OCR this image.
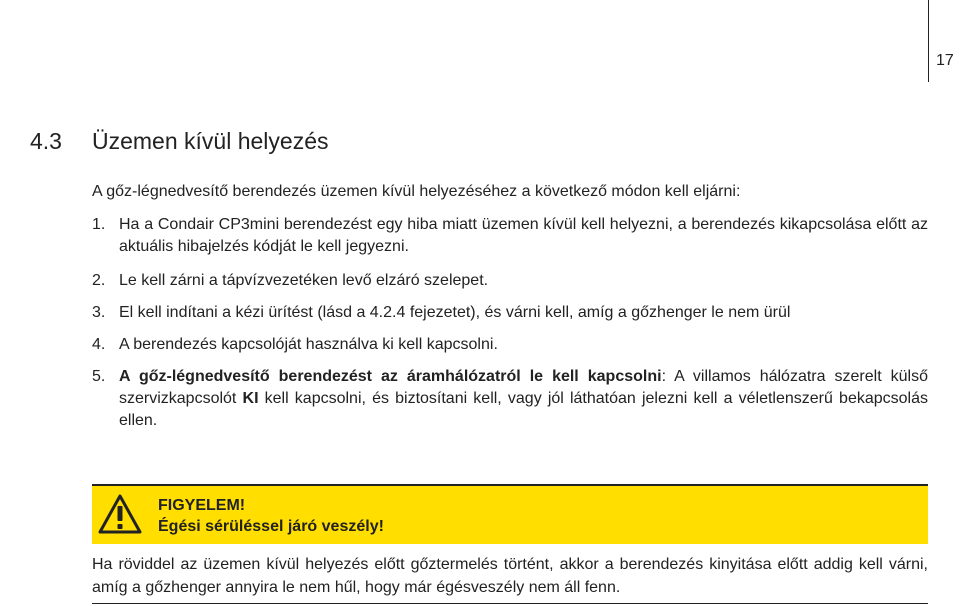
17
4.3 Üzemen kívül helyezés

A gőz-légnedvesítő berendezés üzemen kívül helyezéséhez a következő módon kell eljárni:

1. Ha a Condair CP3mini berendezést egy hiba miatt üzemen kívül kell helyezni, a berendezés kikapcsolása előtt az aktuális hibajelzés kódját le kell jegyezni.
2. Le kell zárni a tápvízvezetéken levő elzáró szelepet.
3. El kell indítani a kézi ürítést (lásd a 4.2.4 fejezetet), és várni kell, amíg a gőzhenger le nem ürül
4. A berendezés kapcsolóját használva ki kell kapcsolni.
5. A gőz-légnedvesítő berendezést az áramhálózatról le kell kapcsolni: A villamos hálózatra szerelt külső szervizkapcsolót KI kell kapcsolni, és biztosítani kell, vagy jól láthatóan jelezni kell a véletlenszerű bekapcsolás ellen.
FIGYELEM!
Égési sérüléssel járó veszély!
Ha röviddel az üzemen kívül helyezés előtt gőztermelés történt, akkor a berendezés kinyitása előtt addig kell várni, amíg a gőzhenger annyira le nem hűl, hogy már égésveszély nem áll fenn.
